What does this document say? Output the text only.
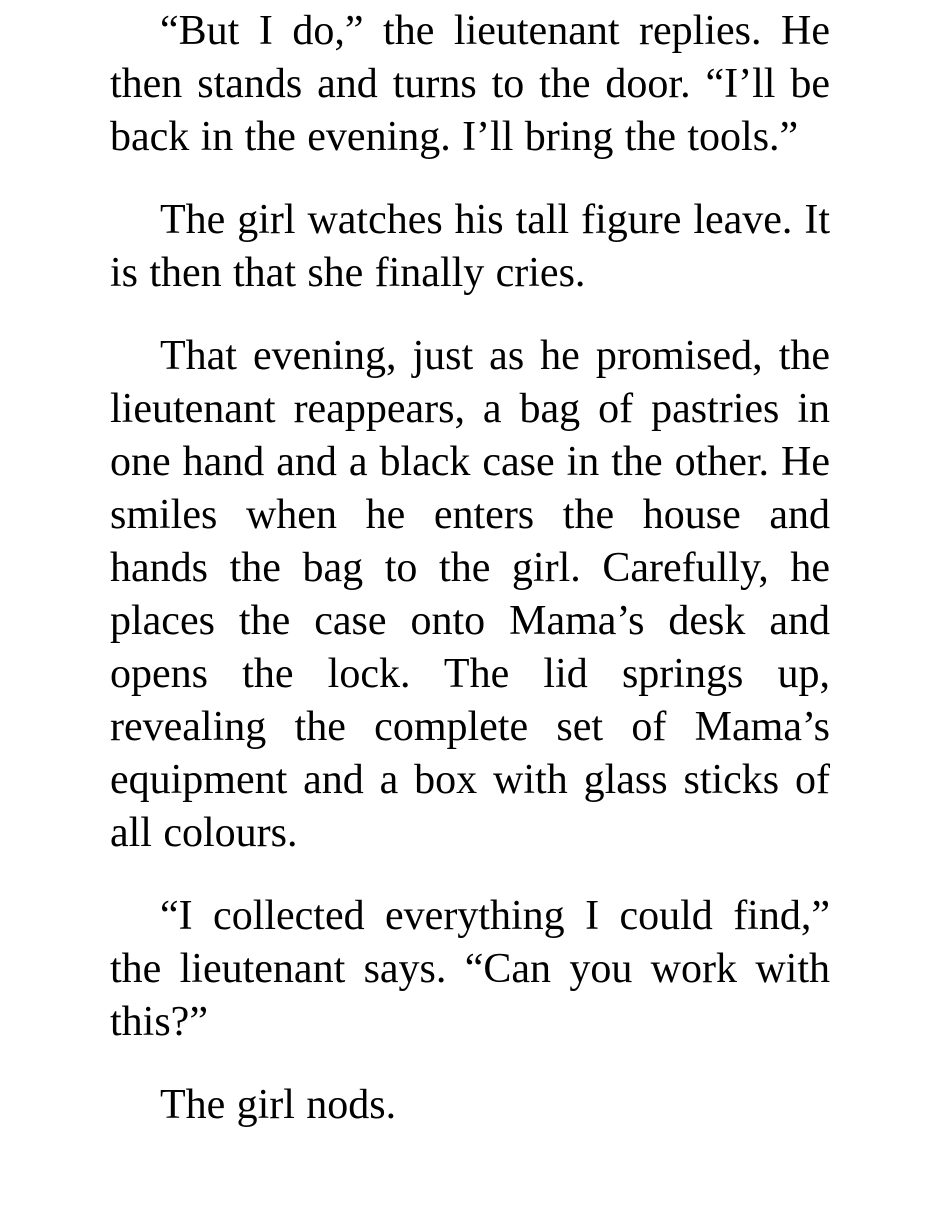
“But I do,” the lieutenant replies. He then stands and turns to the door. “I’ll be back in the evening. I’ll bring the tools.”

The girl watches his tall figure leave. It is then that she finally cries.

That evening, just as he promised, the lieutenant reappears, a bag of pastries in one hand and a black case in the other. He smiles when he enters the house and hands the bag to the girl. Carefully, he places the case onto Mama’s desk and opens the lock. The lid springs up, revealing the complete set of Mama’s equipment and a box with glass sticks of all colours.

“I collected everything I could find,” the lieutenant says. “Can you work with this?”

The girl nods.
